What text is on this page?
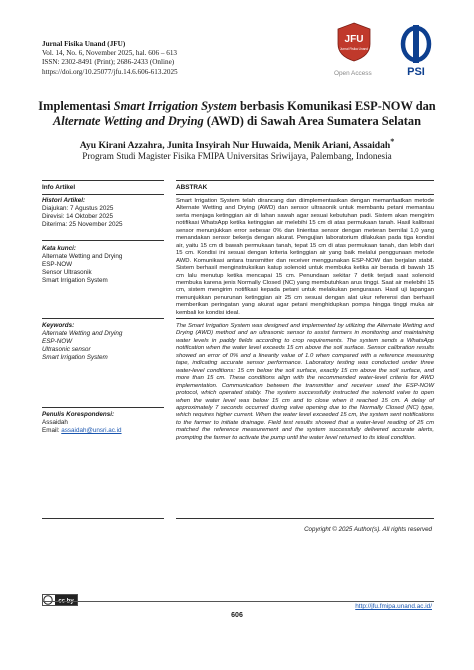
Jurnal Fisika Unand (JFU)
Vol. 14, No. 6, November 2025, hal. 606 – 613
ISSN: 2302-8491 (Print); 2686-2433 (Online)
https://doi.org/10.25077/jfu.14.6.606-613.2025
JFU
Jurnal Fisika Unand
PSI
Open Access
Implementasi Smart Irrigation System berbasis Komunikasi ESP-NOW dan
Alternate Wetting and Drying (AWD) di Sawah Area Sumatera Selatan
Ayu Kirani Azzahra, Junita Insyirah Nur Huwaida, Menik Ariani, Assaidah*
Program Studi Magister Fisika FMIPA Universitas Sriwijaya, Palembang, Indonesia
Info Artikel	ABSTRAK
Histori Artikel:
Diajukan: 7 Agustus 2025
Direvisi: 14 Oktober 2025
Diterima: 25 November 2025
Kata kunci:
Alternate Wetting and Drying
ESP-NOW
Sensor Ultrasonik
Smart Irrigation System
Keywords:
Alternate Wetting and Drying
ESP-NOW
Ultrasonic sensor
Smart Irrigation System
Penulis Korespondensi:
Assaidah
Email: assaidah@unsri.ac.id
Smart Irrigation System telah dirancang dan diimplementasikan dengan memanfaatkan metode Alternate Wetting and Drying (AWD) dan sensor ultrasonik untuk membantu petani memantau serta menjaga ketinggian air di lahan sawah agar sesuai kebutuhan padi. Sistem akan mengirim notifikasi WhatsApp ketika ketinggian air melebihi 15 cm di atas permukaan tanah. Hasil kalibrasi sensor menunjukkan error sebesar 0% dan linieritas sensor dengan meteran bernilai 1,0 yang menandakan sensor bekerja dengan akurat. Pengujian laboratorium dilakukan pada tiga kondisi air, yaitu 15 cm di bawah permukaan tanah, tepat 15 cm di atas permukaan tanah, dan lebih dari 15 cm. Kondisi ini sesuai dengan kriteria ketinggian air yang baik melalui penggunaan metode AWD. Komunikasi antara transmitter dan receiver menggunakan ESP-NOW dan berjalan stabil. Sistem berhasil menginstruksikan katup solenoid untuk membuka ketika air berada di bawah 15 cm lalu menutup ketika mencapai 15 cm. Penundaan sekitar 7 detik terjadi saat solenoid membuka karena jenis Normally Closed (NC) yang membutuhkan arus tinggi. Saat air melebihi 15 cm, sistem mengirim notifikasi kepada petani untuk melakukan pengurasan. Hasil uji lapangan menunjukkan penurunan ketinggian air 25 cm sesuai dengan alat ukur referensi dan berhasil memberikan peringatan yang akurat agar petani menghidupkan pompa hingga tinggi muka air kembali ke kondisi ideal.
The Smart Irrigation System was designed and implemented by utilizing the Alternate Wetting and Drying (AWD) method and an ultrasonic sensor to assist farmers in monitoring and maintaining water levels in paddy fields according to crop requirements. The system sends a WhatsApp notification when the water level exceeds 15 cm above the soil surface. Sensor calibration results showed an error of 0% and a linearity value of 1.0 when compared with a reference measuring tape, indicating accurate sensor performance. Laboratory testing was conducted under three water-level conditions: 15 cm below the soil surface, exactly 15 cm above the soil surface, and more than 15 cm. These conditions align with the recommended water-level criteria for AWD implementation. Communication between the transmitter and receiver used the ESP-NOW protocol, which operated stably. The system successfully instructed the solenoid valve to open when the water level was below 15 cm and to close when it reached 15 cm. A delay of approximately 7 seconds occurred during valve opening due to the Normally Closed (NC) type, which requires higher current. When the water level exceeded 15 cm, the system sent notifications to the farmer to initiate drainage. Field test results showed that a water-level reading of 25 cm matched the reference measurement and the system successfully delivered accurate alerts, prompting the farmer to activate the pump until the water level returned to its ideal condition.
Copyright © 2025 Author(s). All rights reserved
cc by
http://jfu.fmipa.unand.ac.id/
606
